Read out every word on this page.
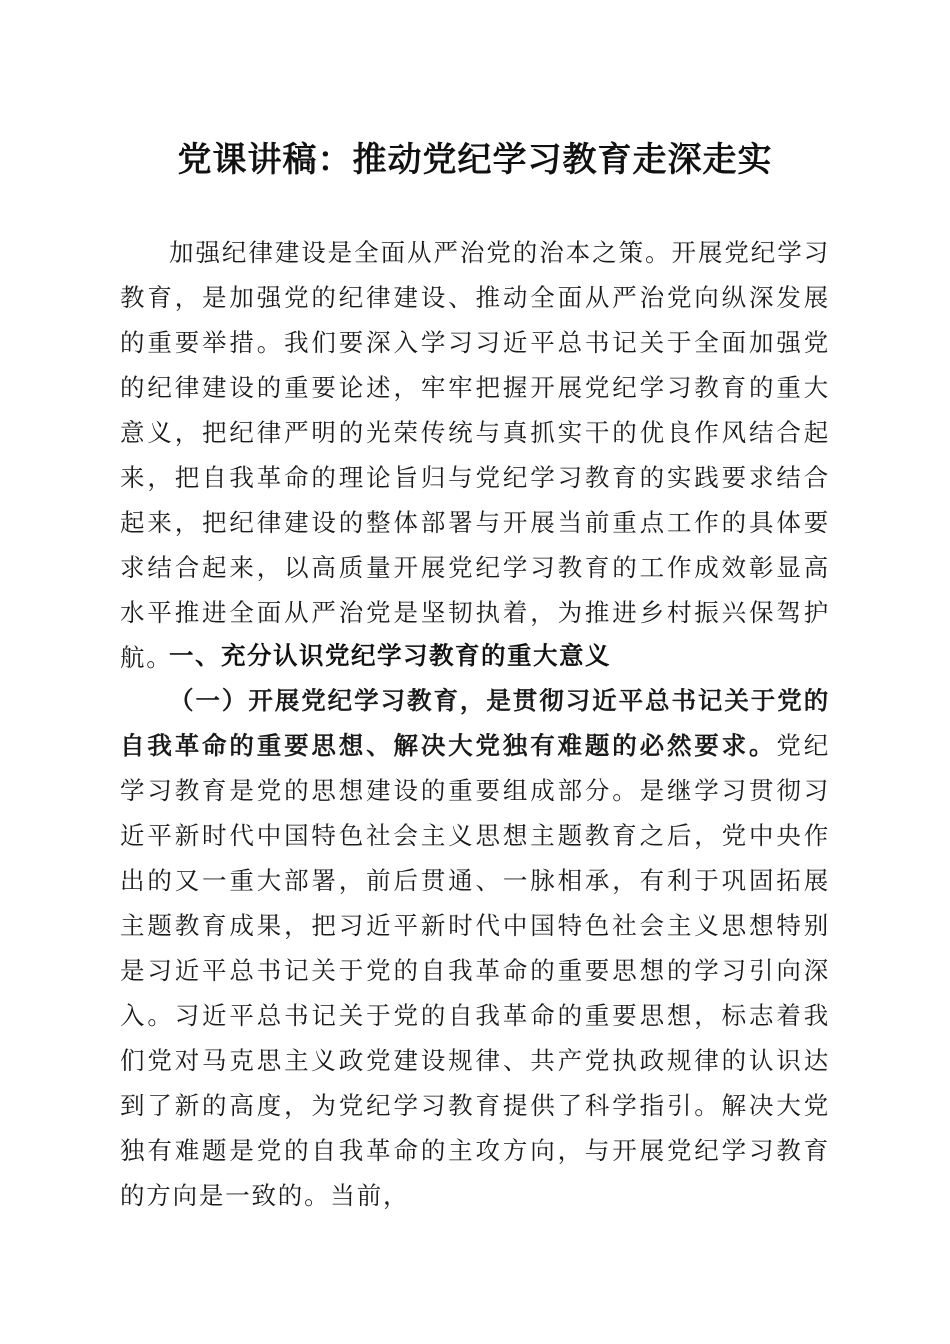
党课讲稿：推动党纪学习教育走深走实

加强纪律建设是全面从严治党的治本之策。开展党纪学习教育，是加强党的纪律建设、推动全面从严治党向纵深发展的重要举措。我们要深入学习习近平总书记关于全面加强党的纪律建设的重要论述，牢牢把握开展党纪学习教育的重大意义，把纪律严明的光荣传统与真抓实干的优良作风结合起来，把自我革命的理论旨归与党纪学习教育的实践要求结合起来，把纪律建设的整体部署与开展当前重点工作的具体要求结合起来，以高质量开展党纪学习教育的工作成效彰显高水平推进全面从严治党是坚韧执着，为推进乡村振兴保驾护航。

一、充分认识党纪学习教育的重大意义

（一）开展党纪学习教育，是贯彻习近平总书记关于党的自我革命的重要思想、解决大党独有难题的必然要求。党纪学习教育是党的思想建设的重要组成部分。是继学习贯彻习近平新时代中国特色社会主义思想主题教育之后，党中央作出的又一重大部署，前后贯通、一脉相承，有利于巩固拓展主题教育成果，把习近平新时代中国特色社会主义思想特别是习近平总书记关于党的自我革命的重要思想的学习引向深入。习近平总书记关于党的自我革命的重要思想，标志着我们党对马克思主义政党建设规律、共产党执政规律的认识达到了新的高度，为党纪学习教育提供了科学指引。解决大党独有难题是党的自我革命的主攻方向，与开展党纪学习教育的方向是一致的。当前，
